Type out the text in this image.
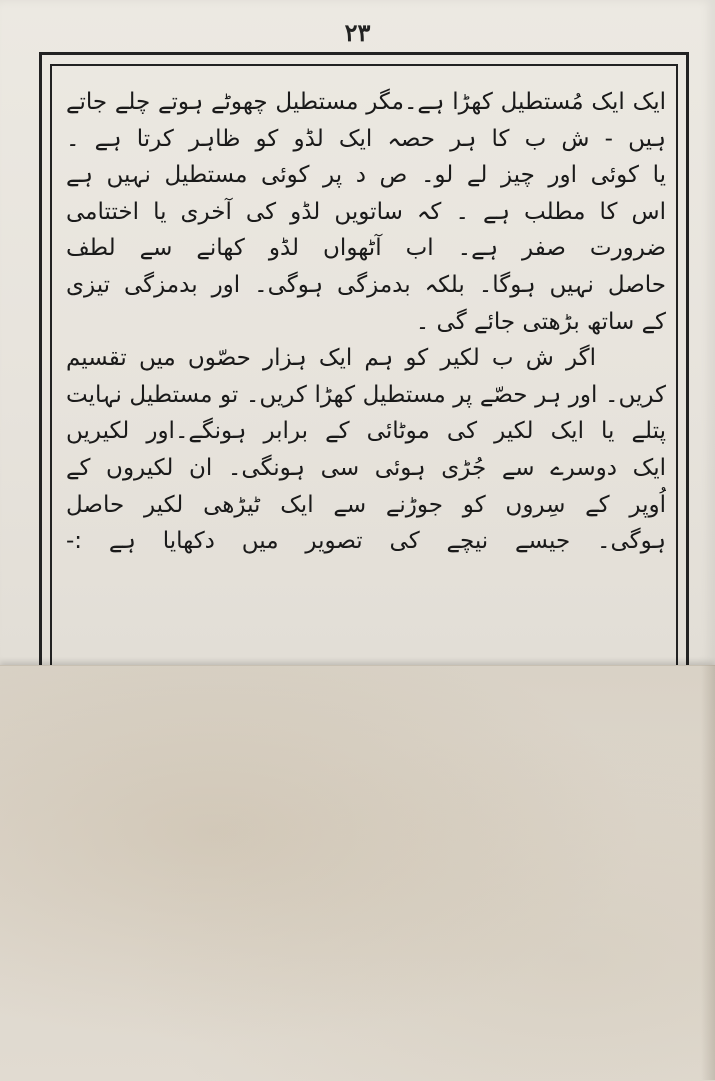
٢٣
ایک ایک مُستطیل کھڑا ہے۔مگر مستطیل چھوٹے ہوتے چلے جاتے
ہیں - ش ب کا ہر حصہ ایک لڈو کو ظاہر کرتا ہے ۔
یا کوئی اور چیز لے لو۔ ص د پر کوئی مستطیل نہیں ہے
اس کا مطلب ہے ۔ کہ ساتویں لڈو کی آخری یا اختتامی
ضرورت صفر ہے۔ اب آٹھواں لڈو کھانے سے لطف
حاصل نہیں ہوگا۔ بلکہ بدمزگی ہوگی۔ اور بدمزگی تیزی
کے ساتھ بڑھتی جائے گی ۔
اگر ش ب لکیر کو ہم ایک ہزار حصّوں میں تقسیم
کریں۔ اور ہر حصّے پر مستطیل کھڑا کریں۔ تو مستطیل نہایت
پتلے یا ایک لکیر کی موٹائی کے برابر ہونگے۔اور لکیریں
ایک دوسرے سے جُڑی ہوئی سی ہونگی۔ ان لکیروں کے
اُوپر کے سِروں کو جوڑنے سے ایک ٹیڑھی لکیر حاصل
ہوگی۔ جیسے نیچے کی تصویر میں دکھایا ہے :-
